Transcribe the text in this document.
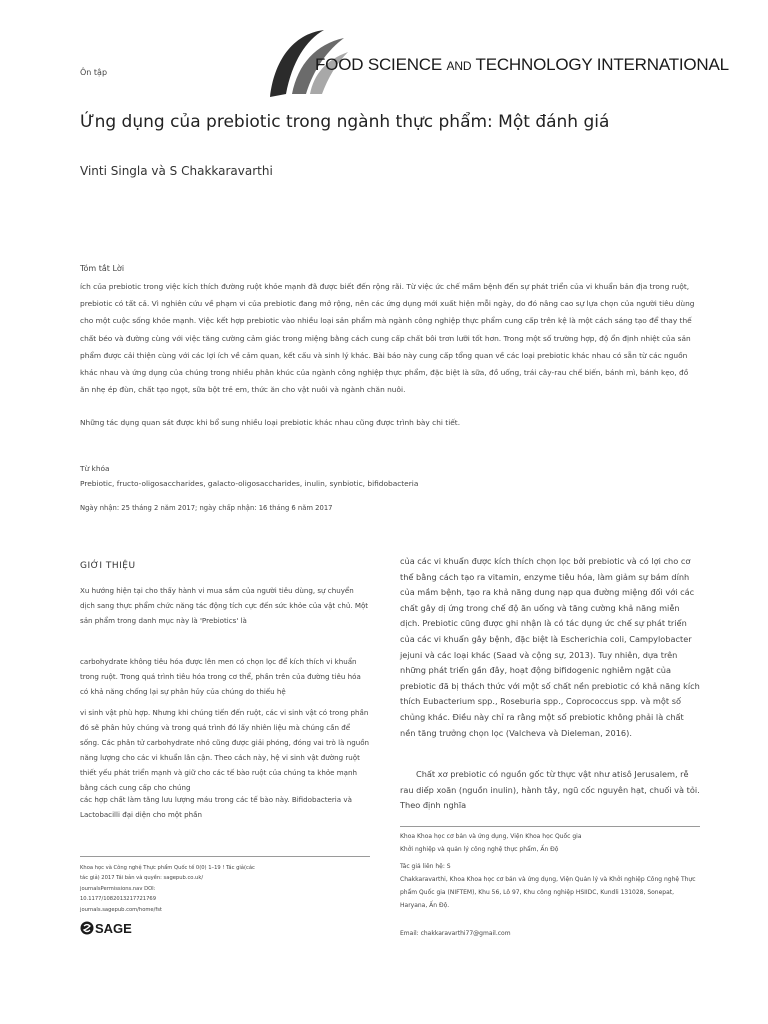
Ôn tập	FOOD SCIENCE AND TECHNOLOGY INTERNATIONAL
Ứng dụng của prebiotic trong ngành thực phẩm: Một đánh giá
Vinti Singla và S Chakkaravarthi
Tóm tắt Lời
ích của prebiotic trong việc kích thích đường ruột khỏe mạnh đã được biết đến rộng rãi. Từ việc ức chế mầm bệnh đến sự phát triển của vi khuẩn bản địa trong ruột, prebiotic có tất cả. Vì nghiên cứu về phạm vi của prebiotic đang mở rộng, nên các ứng dụng mới xuất hiện mỗi ngày, do đó nâng cao sự lựa chọn của người tiêu dùng cho một cuộc sống khỏe mạnh. Việc kết hợp prebiotic vào nhiều loại sản phẩm mà ngành công nghiệp thực phẩm cung cấp trên kệ là một cách sáng tạo để thay thế chất béo và đường cùng với việc tăng cường cảm giác trong miệng bằng cách cung cấp chất bôi trơn lưỡi tốt hơn. Trong một số trường hợp, độ ổn định nhiệt của sản phẩm được cải thiện cùng với các lợi ích về cảm quan, kết cấu và sinh lý khác. Bài báo này cung cấp tổng quan về các loại prebiotic khác nhau có sẵn từ các nguồn khác nhau và ứng dụng của chúng trong nhiều phân khúc của ngành công nghiệp thực phẩm, đặc biệt là sữa, đồ uống, trái cây-rau chế biến, bánh mì, bánh kẹo, đồ ăn nhẹ ép đùn, chất tạo ngọt, sữa bột trẻ em, thức ăn cho vật nuôi và ngành chăn nuôi.
Những tác dụng quan sát được khi bổ sung nhiều loại prebiotic khác nhau cũng được trình bày chi tiết.
Từ khóa
Prebiotic, fructo-oligosaccharides, galacto-oligosaccharides, inulin, synbiotic, bifidobacteria
Ngày nhận: 25 tháng 2 năm 2017; ngày chấp nhận: 16 tháng 6 năm 2017
GIỚI THIỆU
Xu hướng hiện tại cho thấy hành vi mua sắm của người tiêu dùng, sự chuyển dịch sang thực phẩm chức năng tác động tích cực đến sức khỏe của vật chủ. Một sản phẩm trong danh mục này là 'Prebiotics' là
carbohydrate không tiêu hóa được lên men có chọn lọc để kích thích vi khuẩn trong ruột. Trong quá trình tiêu hóa trong cơ thể, phần trên của đường tiêu hóa có khả năng chống lại sự phân hủy của chúng do thiếu hệ
vi sinh vật phù hợp. Nhưng khi chúng tiến đến ruột, các vi sinh vật có trong phần đó sẽ phân hủy chúng và trong quá trình đó lấy nhiên liệu mà chúng cần để sống. Các phân tử carbohydrate nhỏ cũng được giải phóng, đóng vai trò là nguồn năng lượng cho các vi khuẩn lân cận. Theo cách này, hệ vi sinh vật đường ruột thiết yếu phát triển mạnh và giữ cho các tế bào ruột của chúng ta khỏe mạnh bằng cách cung cấp cho chúng
các hợp chất làm tăng lưu lượng máu trong các tế bào này. Bifidobacteria và Lactobacilli đại diện cho một phần
của các vi khuẩn được kích thích chọn lọc bởi prebiotic và có lợi cho cơ thể bằng cách tạo ra vitamin, enzyme tiêu hóa, làm giảm sự bám dính của mầm bệnh, tạo ra khả năng dung nạp qua đường miệng đối với các chất gây dị ứng trong chế độ ăn uống và tăng cường khả năng miễn dịch. Prebiotic cũng được ghi nhận là có tác dụng ức chế sự phát triển của các vi khuẩn gây bệnh, đặc biệt là Escherichia coli, Campylobacter jejuni và các loại khác (Saad và cộng sự, 2013). Tuy nhiên, dựa trên những phát triển gần đây, hoạt động bifidogenic nghiêm ngặt của prebiotic đã bị thách thức với một số chất nền prebiotic có khả năng kích thích Eubacterium spp., Roseburia spp., Coprococcus spp. và một số chủng khác. Điều này chỉ ra rằng một số prebiotic không phải là chất nền tăng trưởng chọn lọc (Valcheva và Dieleman, 2016).
Chất xơ prebiotic có nguồn gốc từ thực vật như atisô Jerusalem, rễ rau diếp xoăn (nguồn inulin), hành tây, ngũ cốc nguyên hạt, chuối và tỏi. Theo định nghĩa
Khoa Khoa học cơ bản và ứng dụng, Viện Khoa học Quốc gia
Khởi nghiệp và quản lý công nghệ thực phẩm, Ấn Độ
Tác giả liên hệ: S
Chakkaravarthi, Khoa Khoa học cơ bản và ứng dụng, Viện Quản lý và Khởi nghiệp Công nghệ Thực phẩm Quốc gia (NIFTEM), Khu 56, Lô 97, Khu công nghiệp HSIIDC, Kundli 131028, Sonepat, Haryana, Ấn Độ.
Email: chakkaravarthi77@gmail.com
Khoa học và Công nghệ Thực phẩm Quốc tế 0(0) 1–19 ! Tác giả(các
tác giả) 2017 Tái bản và quyền: sagepub.co.uk/
journalsPermissions.nav DOI:
10.1177/1082013217721769
journals.sagepub.com/home/fst
SAGE
